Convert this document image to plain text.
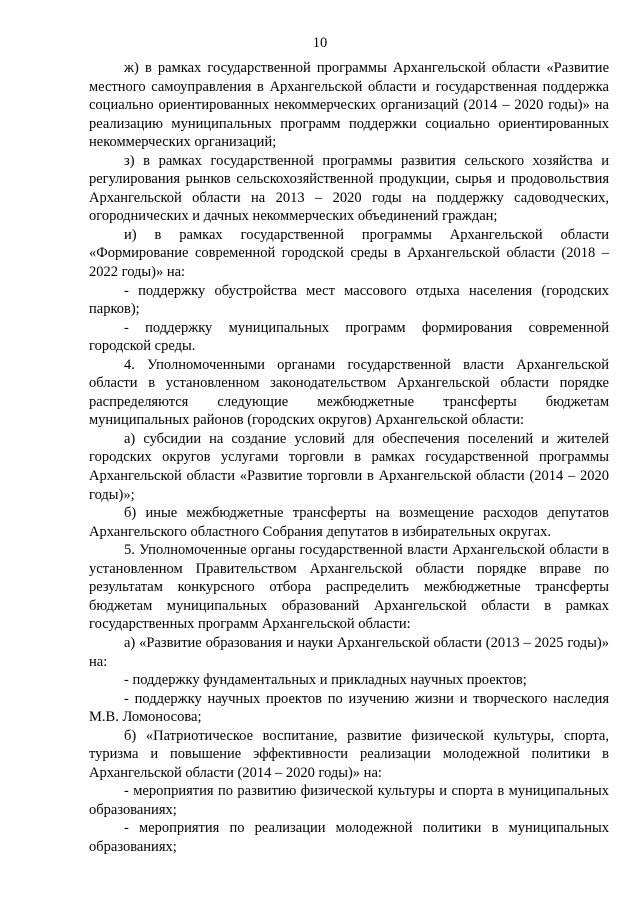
10

ж) в рамках государственной программы Архангельской области «Развитие местного самоуправления в Архангельской области и государственная поддержка социально ориентированных некоммерческих организаций (2014 – 2020 годы)» на реализацию муниципальных программ поддержки социально ориентированных некоммерческих организаций;

з) в рамках государственной программы развития сельского хозяйства и регулирования рынков сельскохозяйственной продукции, сырья и продовольствия Архангельской области на 2013 – 2020 годы на поддержку садоводческих, огороднических и дачных некоммерческих объединений граждан;

и) в рамках государственной программы Архангельской области «Формирование современной городской среды в Архангельской области (2018 – 2022 годы)» на:

- поддержку обустройства мест массового отдыха населения (городских парков);

- поддержку муниципальных программ формирования современной городской среды.

4. Уполномоченными органами государственной власти Архангельской области в установленном законодательством Архангельской области порядке распределяются следующие межбюджетные трансферты бюджетам муниципальных районов (городских округов) Архангельской области:

а) субсидии на создание условий для обеспечения поселений и жителей городских округов услугами торговли в рамках государственной программы Архангельской области «Развитие торговли в Архангельской области (2014 – 2020 годы)»;

б) иные межбюджетные трансферты на возмещение расходов депутатов Архангельского областного Собрания депутатов в избирательных округах.

5. Уполномоченные органы государственной власти Архангельской области в установленном Правительством Архангельской области порядке вправе по результатам конкурсного отбора распределить межбюджетные трансферты бюджетам муниципальных образований Архангельской области в рамках государственных программ Архангельской области:

а) «Развитие образования и науки Архангельской области (2013 – 2025 годы)» на:

- поддержку фундаментальных и прикладных научных проектов;

- поддержку научных проектов по изучению жизни и творческого наследия М.В. Ломоносова;

б) «Патриотическое воспитание, развитие физической культуры, спорта, туризма и повышение эффективности реализации молодежной политики в Архангельской области (2014 – 2020 годы)» на:

- мероприятия по развитию физической культуры и спорта в муниципальных образованиях;

- мероприятия по реализации молодежной политики в муниципальных образованиях;
